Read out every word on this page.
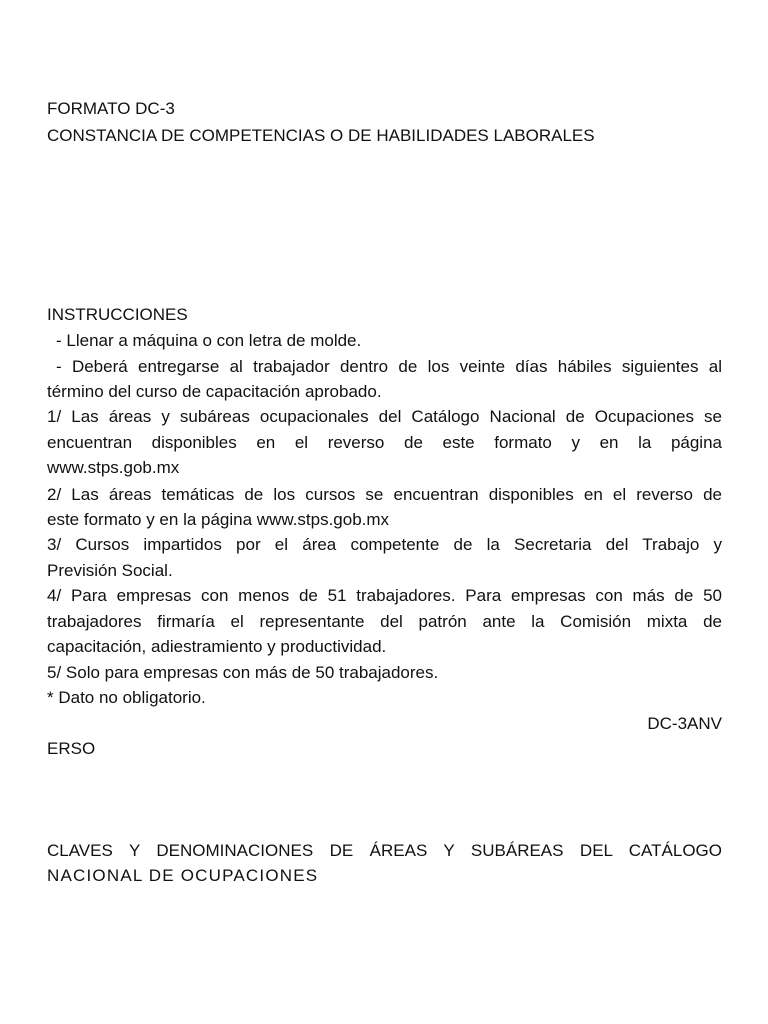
FORMATO DC-3
CONSTANCIA DE COMPETENCIAS O DE HABILIDADES LABORALES
INSTRUCCIONES
- Llenar a máquina o con letra de molde.
- Deberá entregarse al trabajador dentro de los veinte días hábiles siguientes al
término del curso de capacitación aprobado.
1/ Las áreas y subáreas ocupacionales del Catálogo Nacional de Ocupaciones se
encuentran disponibles en el reverso de este formato y en la página
www.stps.gob.mx
2/ Las áreas temáticas de los cursos se encuentran disponibles en el reverso de
este formato y en la página www.stps.gob.mx
3/ Cursos impartidos por el área competente de la Secretaria del Trabajo y
Previsión Social.
4/ Para empresas con menos de 51 trabajadores. Para empresas con más de 50
trabajadores firmaría el representante del patrón ante la Comisión mixta de
capacitación, adiestramiento y productividad.
5/ Solo para empresas con más de 50 trabajadores.
* Dato no obligatorio.
DC-3ANV
ERSO
CLAVES Y DENOMINACIONES DE ÁREAS Y SUBÁREAS DEL CATÁLOGO
NACIONAL DE OCUPACIONES
